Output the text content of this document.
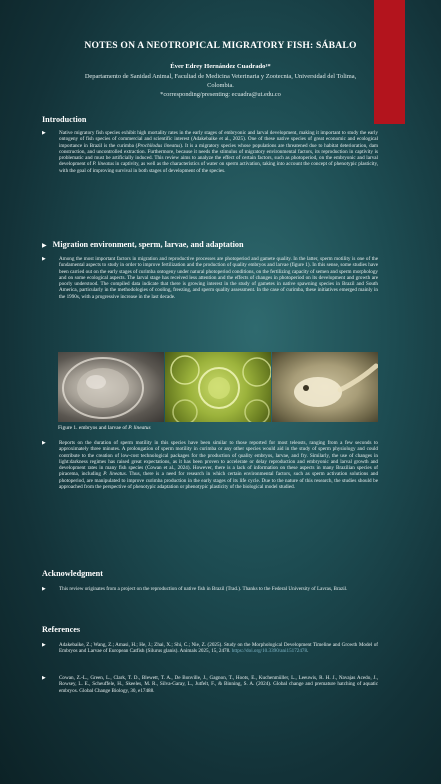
NOTES ON A NEOTROPICAL MIGRATORY FISH: SÁBALO
Éver Edrey Hernández Cuadrado¹*
Departamento de Sanidad Animal, Facultad de Medicina Veterinaria y Zootecnia, Universidad del Tolima,
Colombia.
*corresponding/presenting: ecuadra@ut.edu.co
Introduction
▶	Native migratory fish species exhibit high mortality rates in the early stages of embryonic and larval development, making it important to study the early ontogeny of fish species of commercial and scientific interest (Adakebaike et al., 2025). One of these native species of great economic and ecological importance in Brazil is the curimba (Prochilodus lineatus). It is a migratory species whose populations are threatened due to habitat deterioration, dam construction, and uncontrolled extraction. Furthermore, because it needs the stimulus of migratory environmental factors, its reproduction in captivity is problematic and must be artificially induced. This review aims to analyze the effect of certain factors, such as photoperiod, on the embryonic and larval development of P. lineatus in captivity, as well as the characteristics of water on sperm activation, taking into account the concept of phenotypic plasticity, with the goal of improving survival in both stages of development of the species.
▶ Migration environment, sperm, larvae, and adaptation
▶	Among the most important factors in migration and reproductive processes are photoperiod and gamete quality. In the latter, sperm motility is one of the fundamental aspects to study in order to improve fertilization and the production of quality embryos and larvae (figure 1). In this sense, some studies have been carried out on the early stages of curimba ontogeny under natural photoperiod conditions, on the fertilizing capacity of semen and sperm morphology and on some ecological aspects. The larval stage has received less attention and the effects of changes in photoperiod on its development and growth are poorly understood. The compiled data indicate that there is growing interest in the study of gametes in native spawning species in Brazil and South America, particularly in the methodologies of cooling, freezing, and sperm quality assessment. In the case of curimba, these initiatives emerged mainly in the 1990s, with a progressive increase in the last decade.
Figure 1. embryos and larvae of P. lineatus
▶	Reports on the duration of sperm motility in this species have been similar to those reported for most teleosts, ranging from a few seconds to approximately three minutes. A prolongation of sperm motility in curimba or any other species would aid in the study of sperm physiology and could contribute to the creation of low-cost technological packages for the production of quality embryos, larvae, and fry. Similarly, the use of changes in light:darkness regimes has raised great expectations, as it has been proven to accelerate or delay reproduction and embryonic and larval growth and development rates in many fish species (Cowan et al., 2024). However, there is a lack of information on these aspects in many Brazilian species of piracema, including P. lineatus. Thus, there is a need for research in which certain environmental factors, such as sperm activation solutions and photoperiod, are manipulated to improve curimba production in the early stages of its life cycle. Due to the nature of this research, the studies should be approached from the perspective of phenotypic adaptation or phenotypic plasticity of the biological model studied.
Acknowledgment
▶	This review originates from a project on the reproduction of native fish in Brazil (Trad.). Thanks to the Federal University of Lavras, Brazil.
References
▶	Adakebaike, Z.; Wang, Z.; Amasi, H.; He, J.; Zhai, X.; Shi, C.; Nie, Z. (2025). Study on the Morphological Development Timeline and Growth Model of Embryos and Larvae of European Catfish (Silurus glanis). Animals 2025, 15, 2478. https://doi.org/10.3390/ani15172478.
▶	Cowan, Z.-L., Green, L., Clark, T. D., Blewett, T. A., De Bonville, J., Gagnon, T., Hoots, E., Kuchenmüller, L., Leeuwis, R. H. J., Navajas Acedo, J., Rowsey, L. E., Scheuffele, H., Skeeles, M. R., Silva-Garay, L., Jutfelt, F., & Binning, S. A. (2024). Global change and premature hatching of aquatic embryos. Global Change Biology, 30, e17488.
